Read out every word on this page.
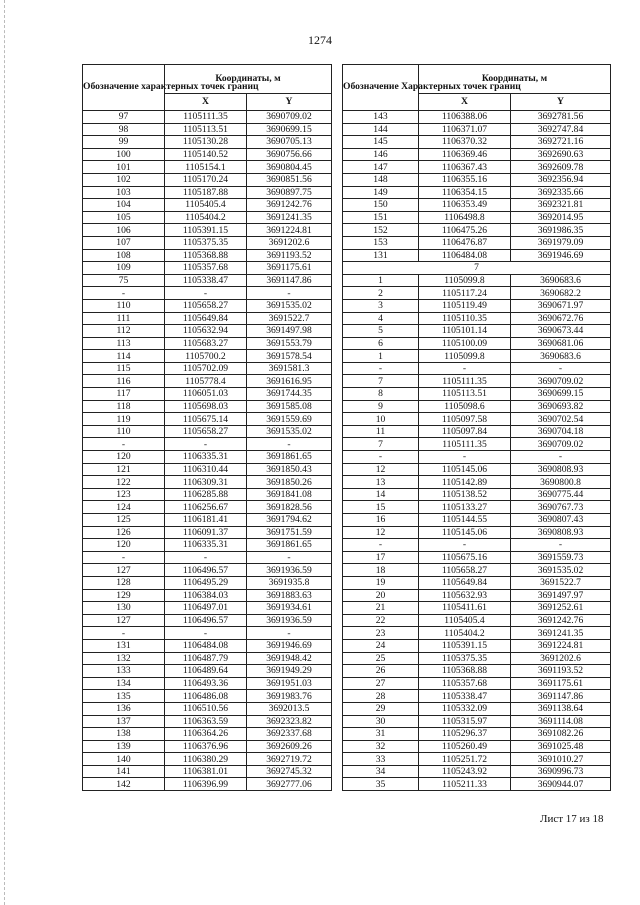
1274
Обозначение характерных точек границ	Координаты, м	
	X	Y
97	1105111.35	3690709.02
98	1105113.51	3690699.15
99	1105130.28	3690705.13
100	1105140.52	3690756.66
101	1105154.1	3690804.45
102	1105170.24	3690851.56
103	1105187.88	3690897.75
104	1105405.4	3691242.76
105	1105404.2	3691241.35
106	1105391.15	3691224.81
107	1105375.35	3691202.6
108	1105368.88	3691193.52
109	1105357.68	3691175.61
75	1105338.47	3691147.86
-	-	-
110	1105658.27	3691535.02
111	1105649.84	3691522.7
112	1105632.94	3691497.98
113	1105683.27	3691553.79
114	1105700.2	3691578.54
115	1105702.09	3691581.3
116	1105778.4	3691616.95
117	1106051.03	3691744.35
118	1105698.03	3691585.08
119	1105675.14	3691559.69
110	1105658.27	3691535.02
-	-	-
120	1106335.31	3691861.65
121	1106310.44	3691850.43
122	1106309.31	3691850.26
123	1106285.88	3691841.08
124	1106256.67	3691828.56
125	1106181.41	3691794.62
126	1106091.37	3691751.59
120	1106335.31	3691861.65
-	-	-
127	1106496.57	3691936.59
128	1106495.29	3691935.8
129	1106384.03	3691883.63
130	1106497.01	3691934.61
127	1106496.57	3691936.59
-	-	-
131	1106484.08	3691946.69
132	1106487.79	3691948.42
133	1106489.64	3691949.29
134	1106493.36	3691951.03
135	1106486.08	3691983.76
136	1106510.56	3692013.5
137	1106363.59	3692323.82
138	1106364.26	3692337.68
139	1106376.96	3692609.26
140	1106380.29	3692719.72
141	1106381.01	3692745.32
142	1106396.99	3692777.06
Обозначение Характерных точек границ	Координаты, м	
	X	Y
143	1106388.06	3692781.56
144	1106371.07	3692747.84
145	1106370.32	3692721.16
146	1106369.46	3692690.63
147	1106367.43	3692609.78
148	1106355.16	3692356.94
149	1106354.15	3692335.66
150	1106353.49	3692321.81
151	1106498.8	3692014.95
152	1106475.26	3691986.35
153	1106476.87	3691979.09
131	1106484.08	3691946.69
7		
1	1105099.8	3690683.6
2	1105117.24	3690682.2
3	1105119.49	3690671.97
4	1105110.35	3690672.76
5	1105101.14	3690673.44
6	1105100.09	3690681.06
1	1105099.8	3690683.6
-	-	-
7	1105111.35	3690709.02
8	1105113.51	3690699.15
9	1105098.6	3690693.82
10	1105097.58	3690702.54
11	1105097.84	3690704.18
7	1105111.35	3690709.02
-	-	-
12	1105145.06	3690808.93
13	1105142.89	3690800.8
14	1105138.52	3690775.44
15	1105133.27	3690767.73
16	1105144.55	3690807.43
12	1105145.06	3690808.93
-	-	-
17	1105675.16	3691559.73
18	1105658.27	3691535.02
19	1105649.84	3691522.7
20	1105632.93	3691497.97
21	1105411.61	3691252.61
22	1105405.4	3691242.76
23	1105404.2	3691241.35
24	1105391.15	3691224.81
25	1105375.35	3691202.6
26	1105368.88	3691193.52
27	1105357.68	3691175.61
28	1105338.47	3691147.86
29	1105332.09	3691138.64
30	1105315.97	3691114.08
31	1105296.37	3691082.26
32	1105260.49	3691025.48
33	1105251.72	3691010.27
34	1105243.92	3690996.73
35	1105211.33	3690944.07
Лист 17 из 18
